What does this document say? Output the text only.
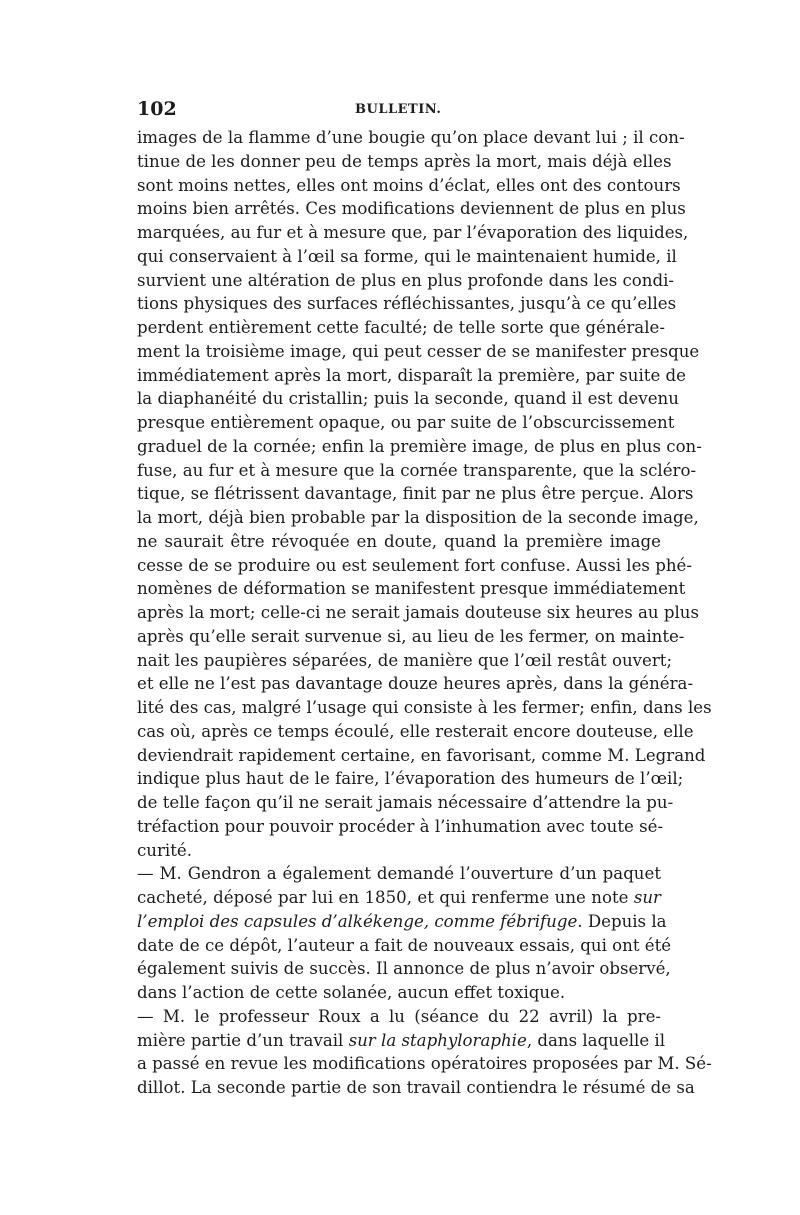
102	BULLETIN.
images de la flamme d’une bougie qu’on place devant lui ; il con-
tinue de les donner peu de temps après la mort, mais déjà elles
sont moins nettes, elles ont moins d’éclat, elles ont des contours
moins bien arrêtés. Ces modifications deviennent de plus en plus
marquées, au fur et à mesure que, par l’évaporation des liquides,
qui conservaient à l’œil sa forme, qui le maintenaient humide, il
survient une altération de plus en plus profonde dans les condi-
tions physiques des surfaces réfléchissantes, jusqu’à ce qu’elles
perdent entièrement cette faculté; de telle sorte que générale-
ment la troisième image, qui peut cesser de se manifester presque
immédiatement après la mort, disparaît la première, par suite de
la diaphanéité du cristallin; puis la seconde, quand il est devenu
presque entièrement opaque, ou par suite de l’obscurcissement
graduel de la cornée; enfin la première image, de plus en plus con-
fuse, au fur et à mesure que la cornée transparente, que la scléro-
tique, se flétrissent davantage, finit par ne plus être perçue. Alors
la mort, déjà bien probable par la disposition de la seconde image,
ne saurait être révoquée en doute, quand la première image
cesse de se produire ou est seulement fort confuse. Aussi les phé-
nomènes de déformation se manifestent presque immédiatement
après la mort; celle-ci ne serait jamais douteuse six heures au plus
après qu’elle serait survenue si, au lieu de les fermer, on mainte-
nait les paupières séparées, de manière que l’œil restât ouvert;
et elle ne l’est pas davantage douze heures après, dans la généra-
lité des cas, malgré l’usage qui consiste à les fermer; enfin, dans les
cas où, après ce temps écoulé, elle resterait encore douteuse, elle
deviendrait rapidement certaine, en favorisant, comme M. Legrand
indique plus haut de le faire, l’évaporation des humeurs de l’œil;
de telle façon qu’il ne serait jamais nécessaire d’attendre la pu-
tréfaction pour pouvoir procéder à l’inhumation avec toute sé-
curité.
— M. Gendron a également demandé l’ouverture d’un paquet
cacheté, déposé par lui en 1850, et qui renferme une note sur
l’emploi des capsules d’alkékenge, comme fébrifuge. Depuis la
date de ce dépôt, l’auteur a fait de nouveaux essais, qui ont été
également suivis de succès. Il annonce de plus n’avoir observé,
dans l’action de cette solanée, aucun effet toxique.
— M. le professeur Roux a lu (séance du 22 avril) la pre-
mière partie d’un travail sur la staphyloraphie, dans laquelle il
a passé en revue les modifications opératoires proposées par M. Sé-
dillot. La seconde partie de son travail contiendra le résumé de sa
